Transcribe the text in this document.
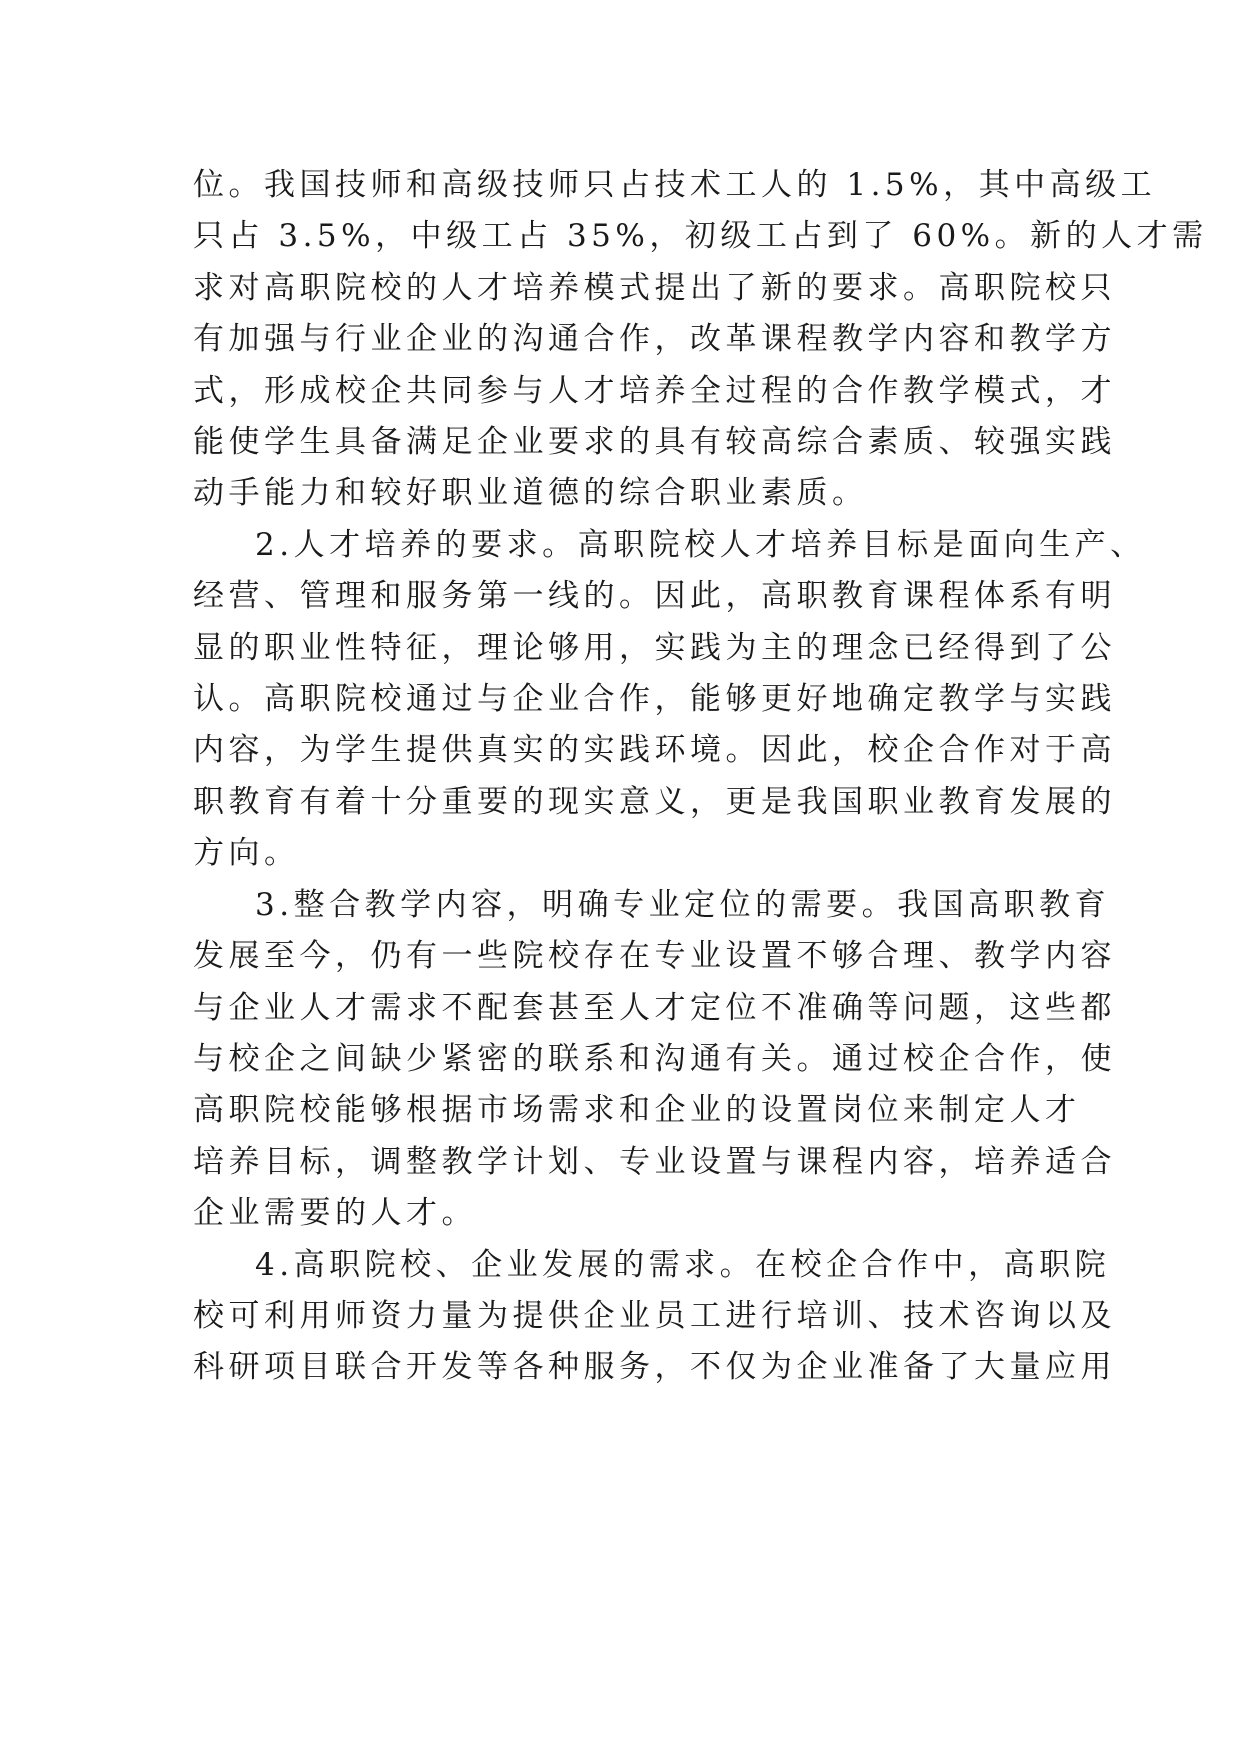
位。我国技师和高级技师只占技术工人的 1.5%，其中高级工
只占 3.5%，中级工占 35%，初级工占到了 60%。新的人才需
求对高职院校的人才培养模式提出了新的要求。高职院校只
有加强与行业企业的沟通合作，改革课程教学内容和教学方
式，形成校企共同参与人才培养全过程的合作教学模式，才
能使学生具备满足企业要求的具有较高综合素质、较强实践
动手能力和较好职业道德的综合职业素质。
2.人才培养的要求。高职院校人才培养目标是面向生产、
经营、管理和服务第一线的。因此，高职教育课程体系有明
显的职业性特征，理论够用，实践为主的理念已经得到了公
认。高职院校通过与企业合作，能够更好地确定教学与实践
内容，为学生提供真实的实践环境。因此，校企合作对于高
职教育有着十分重要的现实意义，更是我国职业教育发展的
方向。
3.整合教学内容，明确专业定位的需要。我国高职教育
发展至今，仍有一些院校存在专业设置不够合理、教学内容
与企业人才需求不配套甚至人才定位不准确等问题，这些都
与校企之间缺少紧密的联系和沟通有关。通过校企合作，使
高职院校能够根据市场需求和企业的设置岗位来制定人才
培养目标，调整教学计划、专业设置与课程内容，培养适合
企业需要的人才。
4.高职院校、企业发展的需求。在校企合作中，高职院
校可利用师资力量为提供企业员工进行培训、技术咨询以及
科研项目联合开发等各种服务，不仅为企业准备了大量应用
